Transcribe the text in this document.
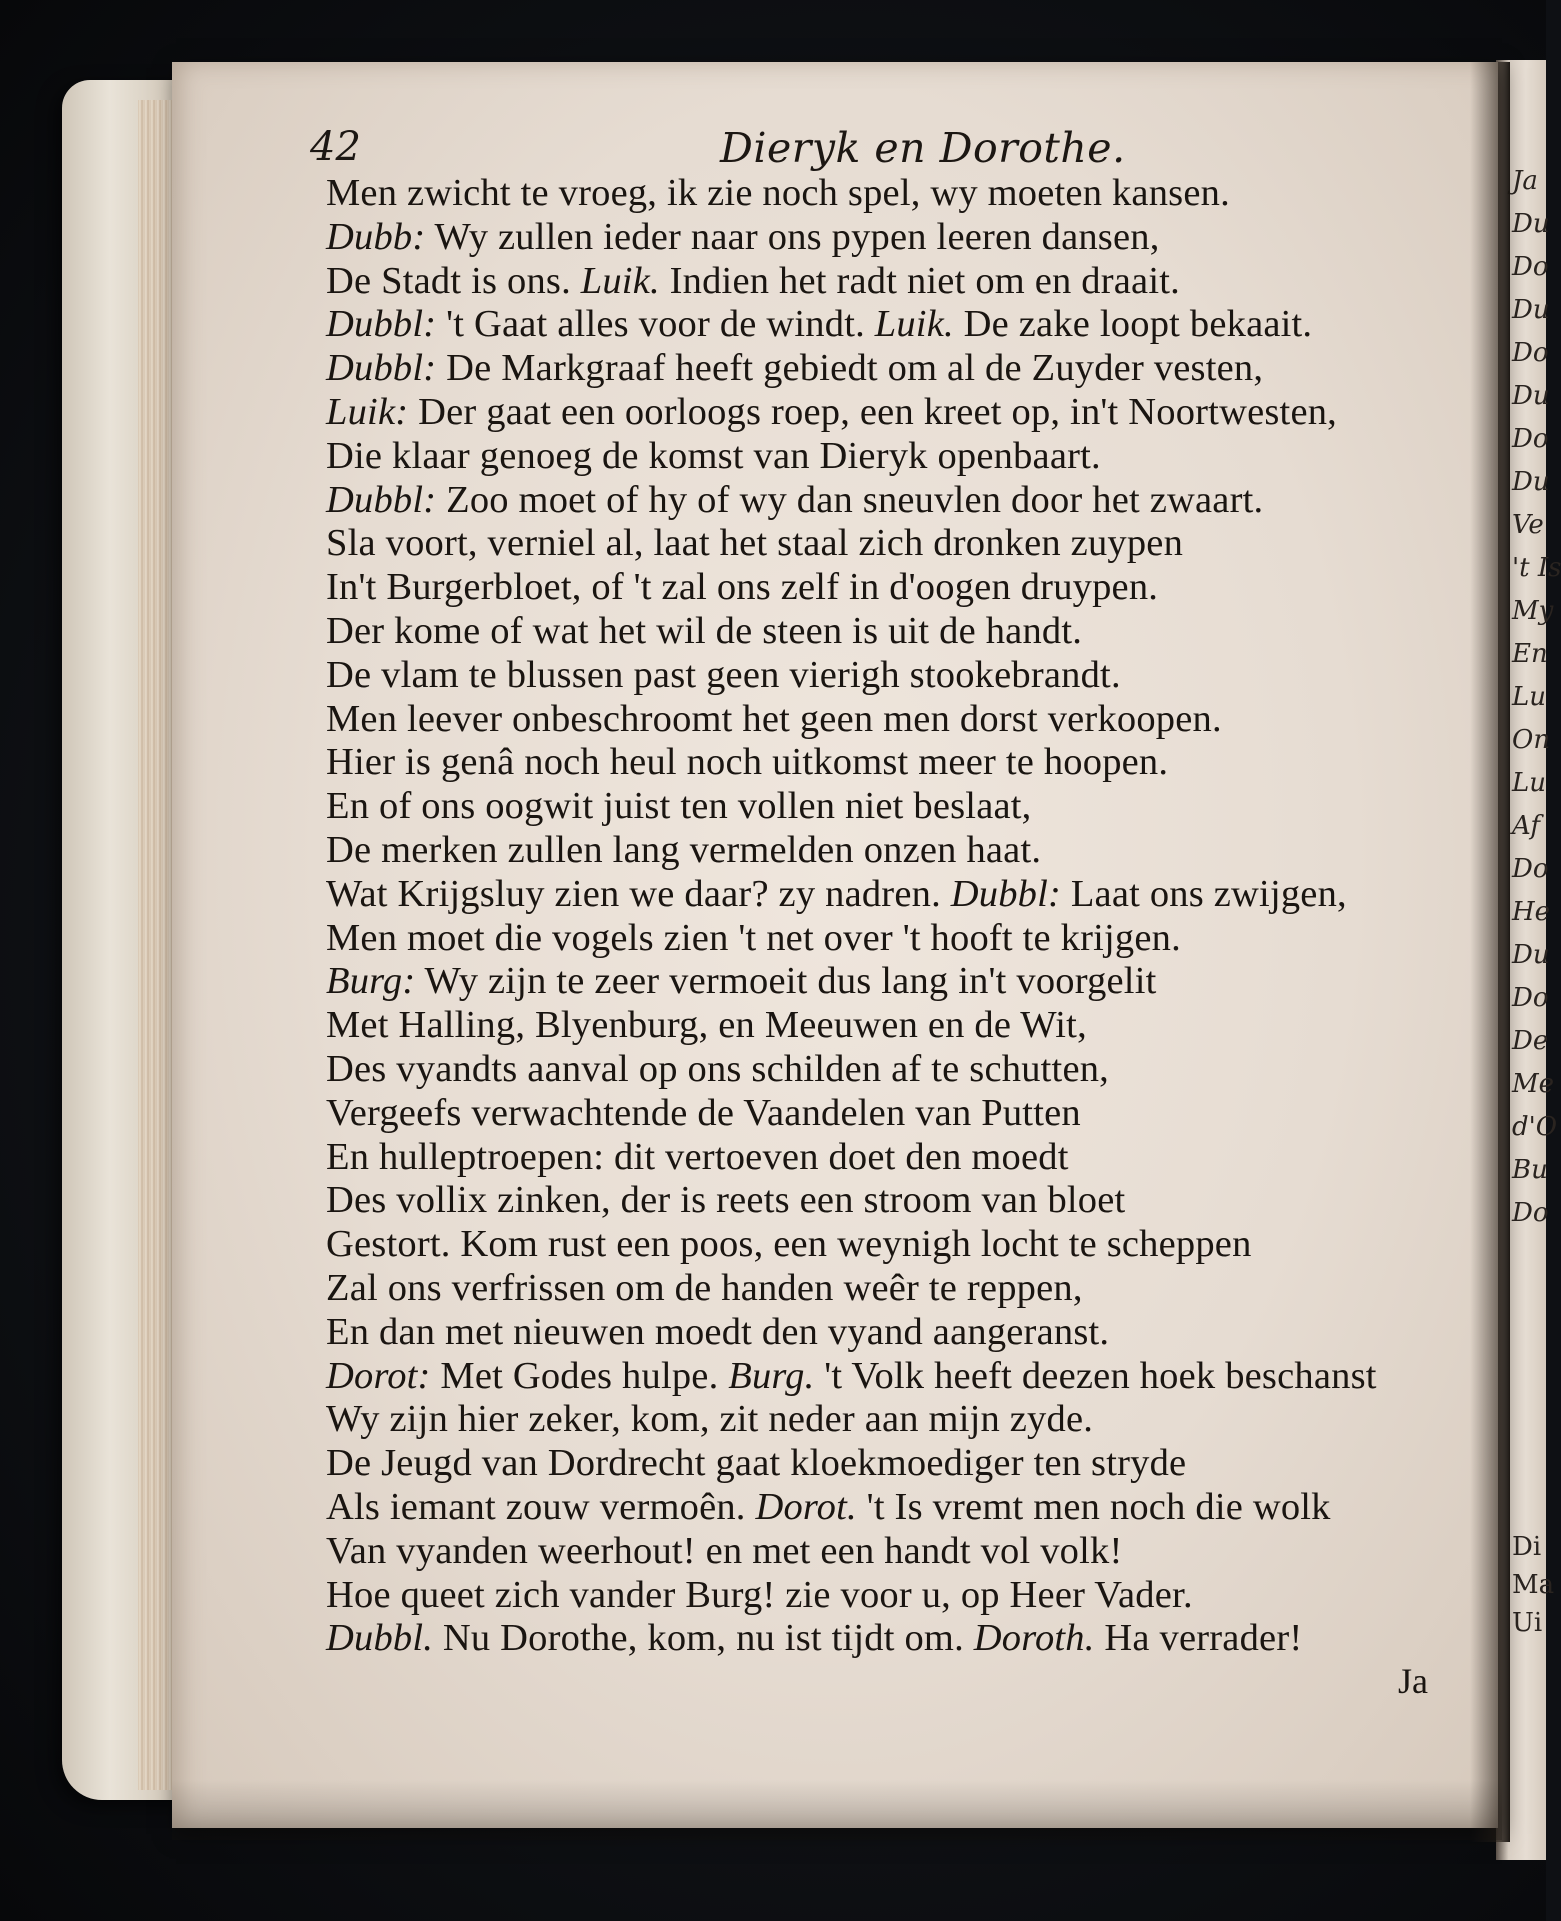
Ja
Du
Do
Du
Do
Du
Do
Du
Ve
't Is
My
En
Lu
On
Lu
Af
Do
He
Du
Do
De
Me
d'O
Bu
Do
Di
Ma
Ui
42	Dieryk en Dorothe.
Men zwicht te vroeg, ik zie noch spel, wy moeten kansen.
Dubb: Wy zullen ieder naar ons pypen leeren dansen,
De Stadt is ons. Luik. Indien het radt niet om en draait.
Dubbl: 't Gaat alles voor de windt. Luik. De zake loopt bekaait.
Dubbl: De Markgraaf heeft gebiedt om al de Zuyder vesten,
Luik: Der gaat een oorloogs roep, een kreet op, in't Noortwesten,
Die klaar genoeg de komst van Dieryk openbaart.
Dubbl: Zoo moet of hy of wy dan sneuvlen door het zwaart.
Sla voort, verniel al, laat het staal zich dronken zuypen
In't Burgerbloet, of 't zal ons zelf in d'oogen druypen.
Der kome of wat het wil de steen is uit de handt.
De vlam te blussen past geen vierigh stookebrandt.
Men leever onbeschroomt het geen men dorst verkoopen.
Hier is genâ noch heul noch uitkomst meer te hoopen.
En of ons oogwit juist ten vollen niet beslaat,
De merken zullen lang vermelden onzen haat.
Wat Krijgsluy zien we daar? zy nadren. Dubbl: Laat ons zwijgen,
Men moet die vogels zien 't net over 't hooft te krijgen.
Burg: Wy zijn te zeer vermoeit dus lang in't voorgelit
Met Halling, Blyenburg, en Meeuwen en de Wit,
Des vyandts aanval op ons schilden af te schutten,
Vergeefs verwachtende de Vaandelen van Putten
En hulleptroepen: dit vertoeven doet den moedt
Des vollix zinken, der is reets een stroom van bloet
Gestort. Kom rust een poos, een weynigh locht te scheppen
Zal ons verfrissen om de handen weêr te reppen,
En dan met nieuwen moedt den vyand aangeranst.
Dorot: Met Godes hulpe. Burg. 't Volk heeft deezen hoek beschanst
Wy zijn hier zeker, kom, zit neder aan mijn zyde.
De Jeugd van Dordrecht gaat kloekmoediger ten stryde
Als iemant zouw vermoên. Dorot. 't Is vremt men noch die wolk
Van vyanden weerhout! en met een handt vol volk!
Hoe queet zich vander Burg! zie voor u, op Heer Vader.
Dubbl. Nu Dorothe, kom, nu ist tijdt om. Doroth. Ha verrader!
Ja
